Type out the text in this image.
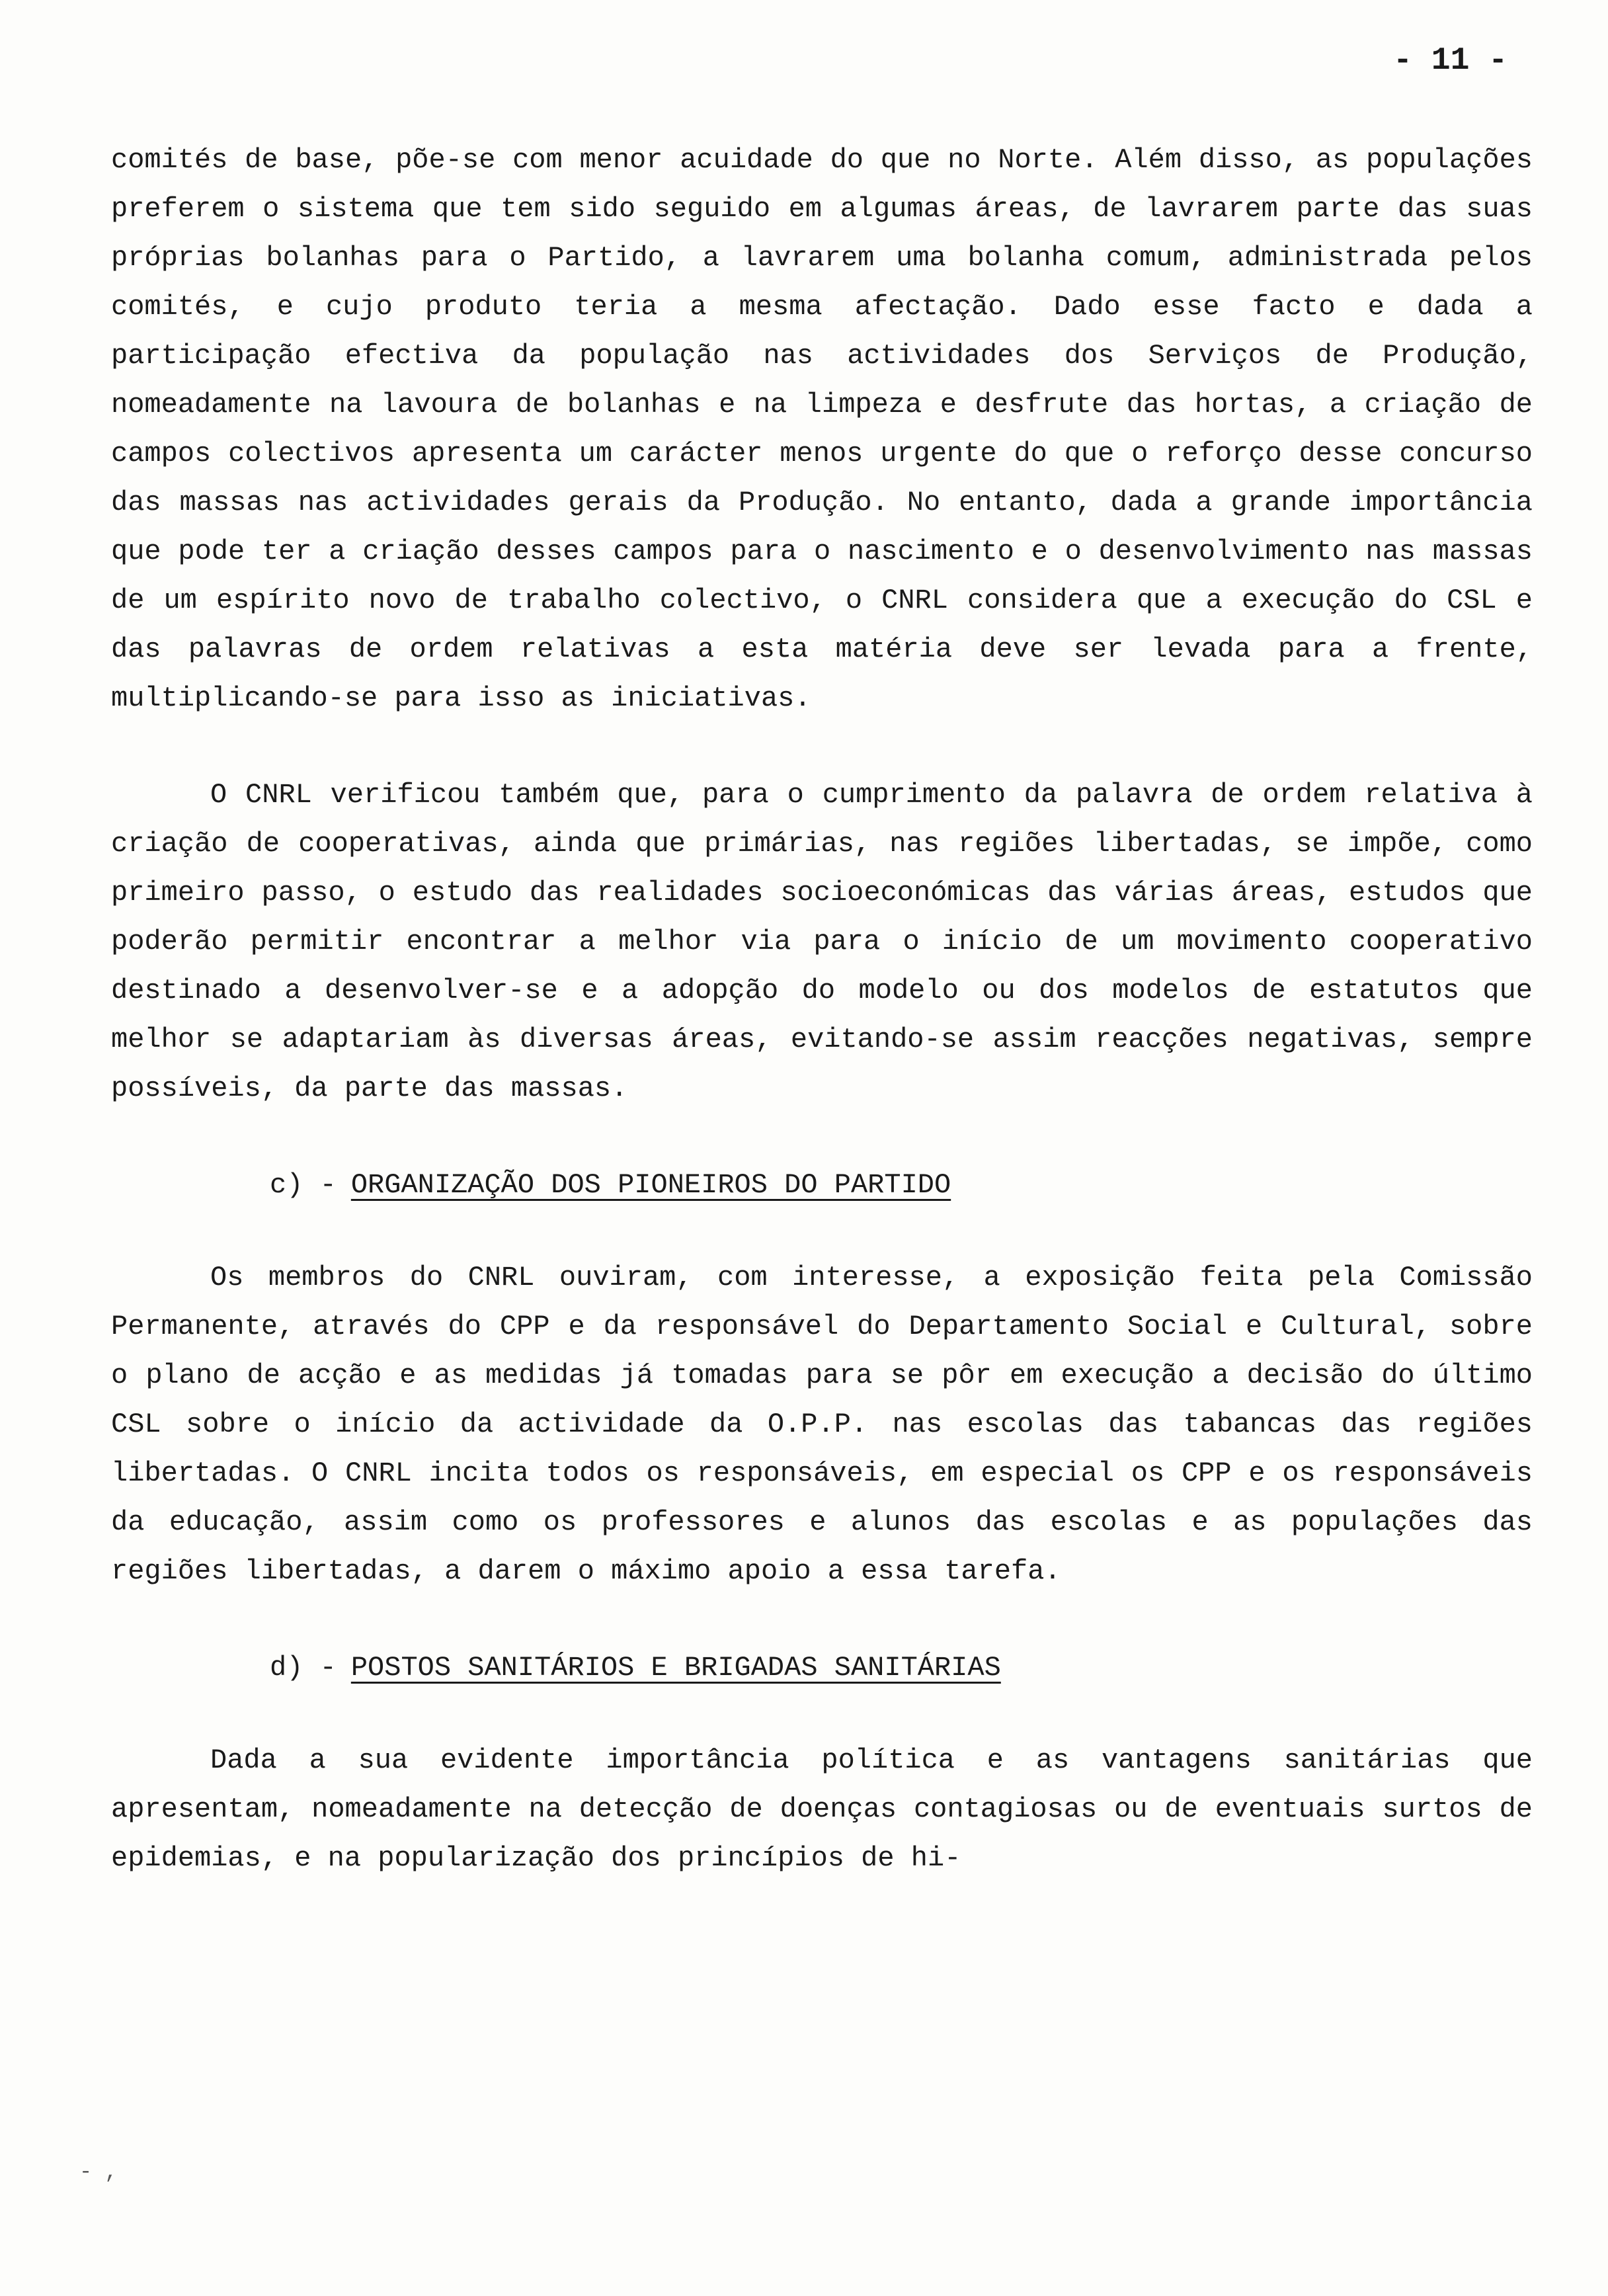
- 11 -

comités de base, põe-se com menor acuidade do que no Norte. Além disso, as populações preferem o sistema que tem sido seguido em algumas áreas, de lavrarem parte das suas próprias bolanhas para o Partido, a lavrarem uma bolanha comum, administrada pelos comités, e cujo produto teria a mesma afectação. Dado esse facto e dada a participação efectiva da população nas actividades dos Serviços de Produção, nomeadamente na lavoura de bolanhas e na limpeza e desfrute das hortas, a criação de campos colectivos apresenta um carácter menos urgente do que o reforço desse concurso das massas nas actividades gerais da Produção. No entanto, dada a grande importância que pode ter a criação desses campos para o nascimento e o desenvolvimento nas massas de um espírito novo de trabalho colectivo, o CNRL considera que a execução do CSL e das palavras de ordem relativas a esta matéria deve ser levada para a frente, multiplicando-se para isso as iniciativas.

O CNRL verificou também que, para o cumprimento da palavra de ordem relativa à criação de cooperativas, ainda que primárias, nas regiões libertadas, se impõe, como primeiro passo, o estudo das realidades socioeconómicas das várias áreas, estudos que poderão permitir encontrar a melhor via para o início de um movimento cooperativo destinado a desenvolver-se e a adopção do modelo ou dos modelos de estatutos que melhor se adaptariam às diversas áreas, evitando-se assim reacções negativas, sempre possíveis, da parte das massas.

c) - ORGANIZAÇÃO DOS PIONEIROS DO PARTIDO

Os membros do CNRL ouviram, com interesse, a exposição feita pela Comissão Permanente, através do CPP e da responsável do Departamento Social e Cultural, sobre o plano de acção e as medidas já tomadas para se pôr em execução a decisão do último CSL sobre o início da actividade da O.P.P. nas escolas das tabancas das regiões libertadas. O CNRL incita todos os responsáveis, em especial os CPP e os responsáveis da educação, assim como os professores e alunos das escolas e as populações das regiões libertadas, a darem o máximo apoio a essa tarefa.

d) - POSTOS SANITÁRIOS E BRIGADAS SANITÁRIAS

Dada a sua evidente importância política e as vantagens sanitárias que apresentam, nomeadamente na detecção de doenças contagiosas ou de eventuais surtos de epidemias, e na popularização dos princípios de hi-

- ,
